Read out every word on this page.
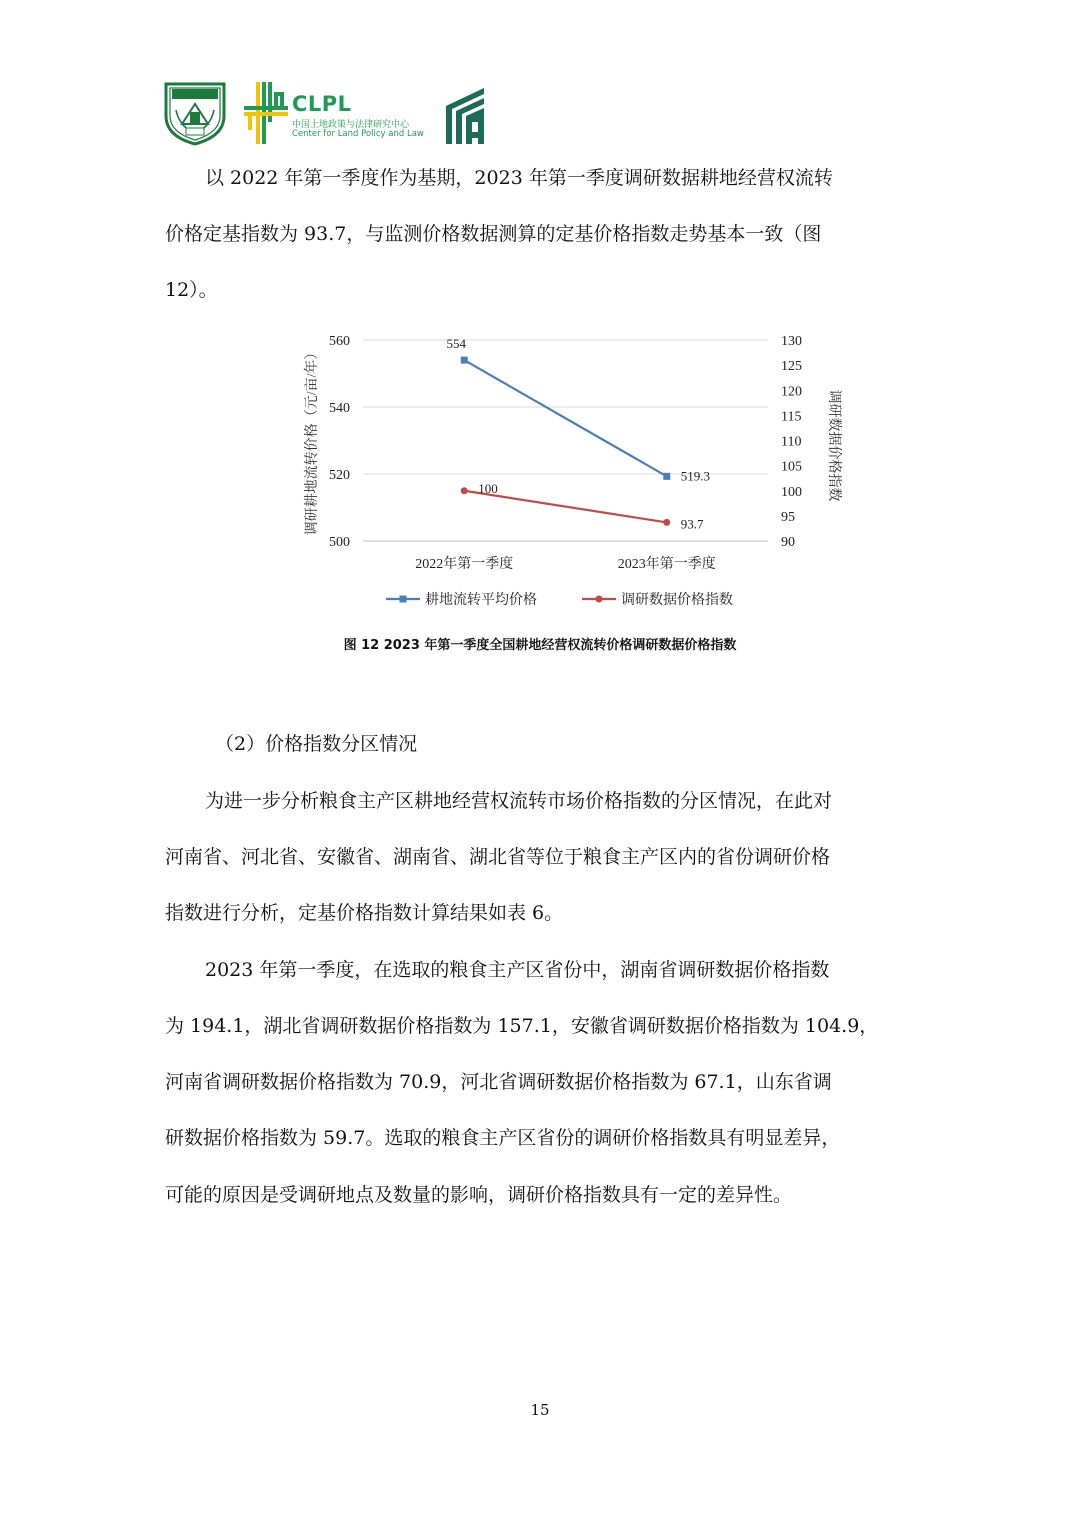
CLPL
中国土地政策与法律研究中心
Center for Land Policy and Law
以 2022 年第一季度作为基期，2023 年第一季度调研数据耕地经营权流转
价格定基指数为 93.7，与监测价格数据测算的定基价格指数走势基本一致（图
12）。
500
520
540
560
90
95
100
105
110
115
120
125
130
2022年第一季度	2023年第一季度
调研耕地流转价格（元/亩/年）	调研数据价格指数
554
519.3
100
93.7
耕地流转平均价格	调研数据价格指数
图 12 2023 年第一季度全国耕地经营权流转价格调研数据价格指数
（2）价格指数分区情况
为进一步分析粮食主产区耕地经营权流转市场价格指数的分区情况，在此对
河南省、河北省、安徽省、湖南省、湖北省等位于粮食主产区内的省份调研价格
指数进行分析，定基价格指数计算结果如表 6。
2023 年第一季度，在选取的粮食主产区省份中，湖南省调研数据价格指数
为 194.1，湖北省调研数据价格指数为 157.1，安徽省调研数据价格指数为 104.9，
河南省调研数据价格指数为 70.9，河北省调研数据价格指数为 67.1，山东省调
研数据价格指数为 59.7。选取的粮食主产区省份的调研价格指数具有明显差异，
可能的原因是受调研地点及数量的影响，调研价格指数具有一定的差异性。
15
